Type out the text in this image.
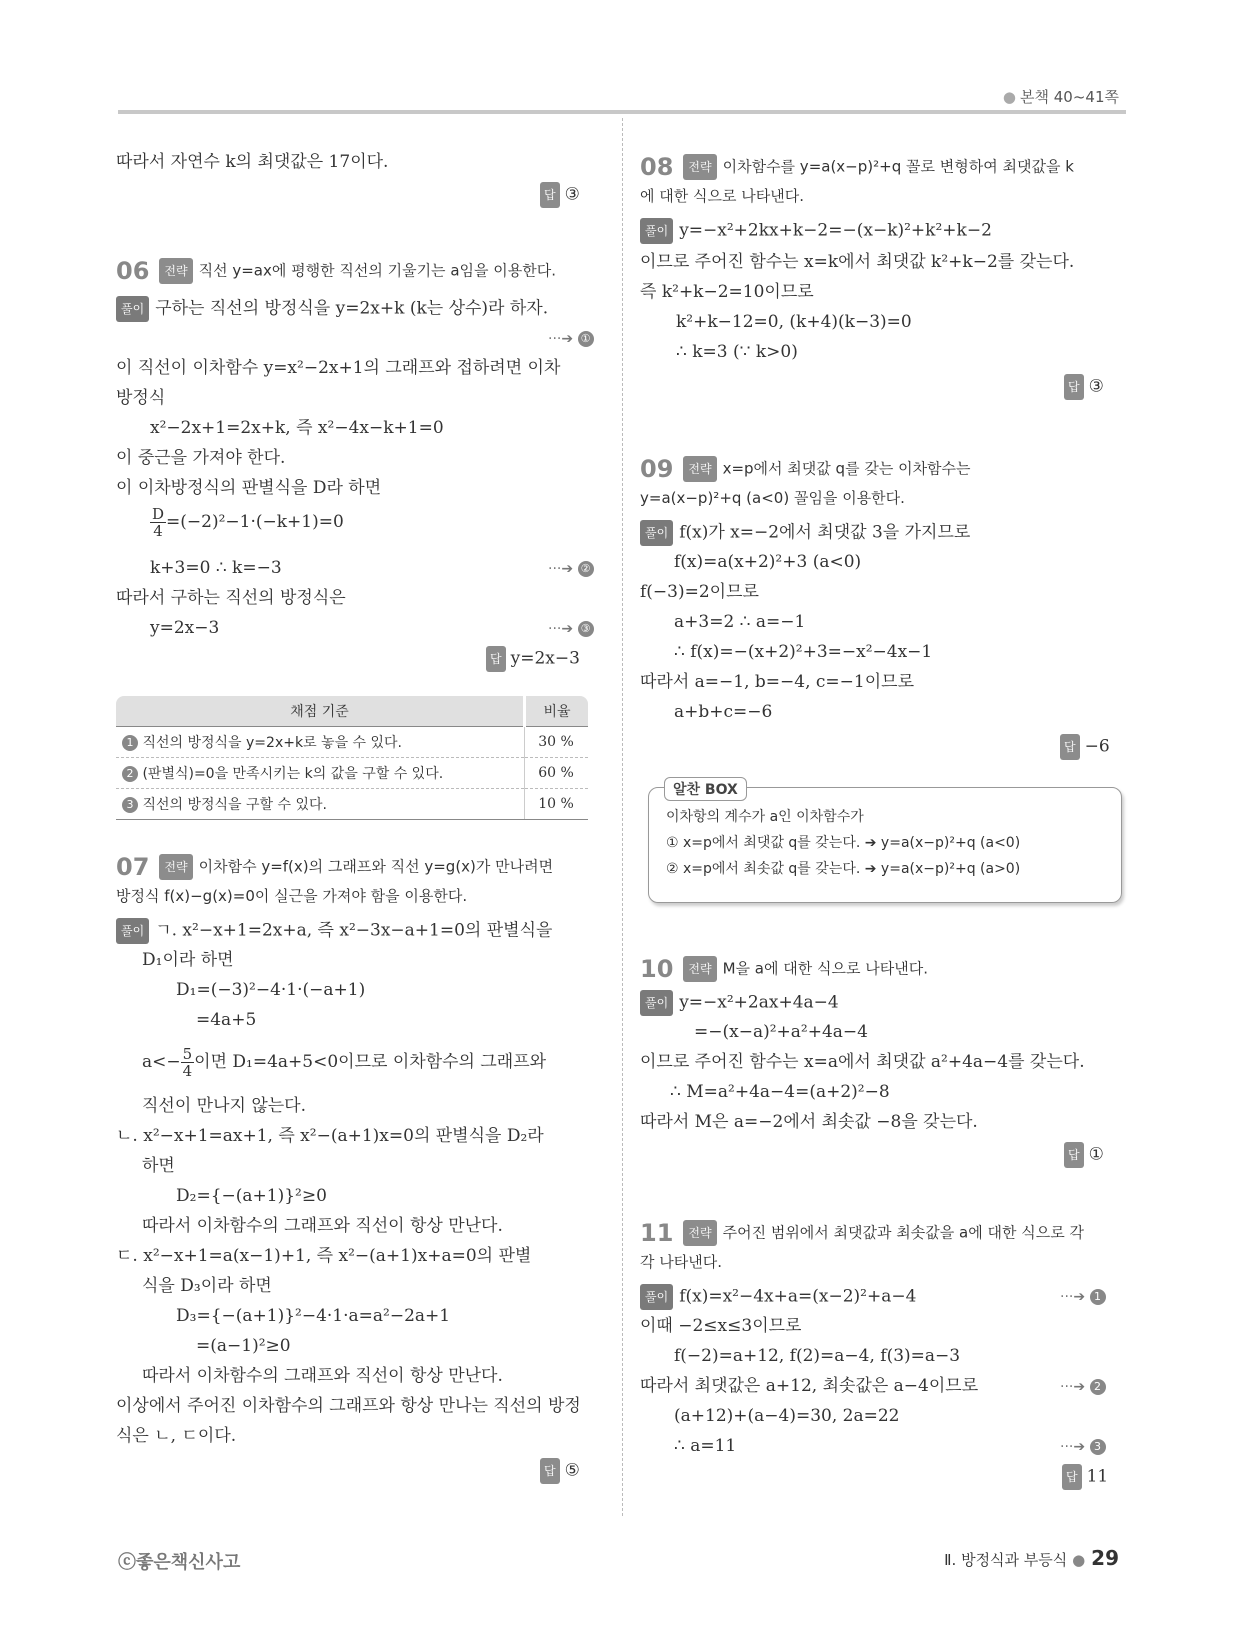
● 본책 40~41쪽
따라서 자연수 k의 최댓값은 17이다.
답 ③
06 전략 직선 y=ax에 평행한 직선의 기울기는 a임을 이용한다.
풀이 구하는 직선의 방정식을 y=2x+k (k는 상수)라 하자.
···➔ ①
이 직선이 이차함수 y=x²−2x+1의 그래프와 접하려면 이차
방정식
x²−2x+1=2x+k, 즉 x²−4x−k+1=0
이 중근을 가져야 한다.
이 이차방정식의 판별식을 D라 하면
$\frac{D}{4} =(-2)^2-1\cdot(-k+1)=0$
k+3=0 ∴ k=−3	···➔ ②
따라서 구하는 직선의 방정식은
y=2x−3	···➔ ③
답 y=2x−3
채점 기준	비율
1 직선의 방정식을 y=2x+k로 놓을 수 있다.	30 %
2 (판별식)=0을 만족시키는 k의 값을 구할 수 있다.	60 %
3 직선의 방정식을 구할 수 있다.	10 %
07 전략 이차함수 y=f(x)의 그래프와 직선 y=g(x)가 만나려면
방정식 f(x)−g(x)=0이 실근을 가져야 함을 이용한다.
풀이 ㄱ. x²−x+1=2x+a, 즉 x²−3x−a+1=0의 판별식을
D₁이라 하면
D₁=(−3)²−4·1·(−a+1)
=4a+5
$a<- \frac{5}{4}$ 이면 D₁=4a+5<0이므로 이차함수의 그래프와
직선이 만나지 않는다.
ㄴ. x²−x+1=ax+1, 즉 x²−(a+1)x=0의 판별식을 D₂라
하면
D₂={−(a+1)}²≥0
따라서 이차함수의 그래프와 직선이 항상 만난다.
ㄷ. x²−x+1=a(x−1)+1, 즉 x²−(a+1)x+a=0의 판별
식을 D₃이라 하면
D₃={−(a+1)}²−4·1·a=a²−2a+1
=(a−1)²≥0
따라서 이차함수의 그래프와 직선이 항상 만난다.
이상에서 주어진 이차함수의 그래프와 항상 만나는 직선의 방정
식은 ㄴ, ㄷ이다.
답 ⑤
08 전략 이차함수를 y=a(x−p)²+q 꼴로 변형하여 최댓값을 k
에 대한 식으로 나타낸다.
풀이 y=−x²+2kx+k−2=−(x−k)²+k²+k−2
이므로 주어진 함수는 x=k에서 최댓값 k²+k−2를 갖는다.
즉 k²+k−2=10이므로
k²+k−12=0, (k+4)(k−3)=0
∴ k=3 (∵ k>0)
답 ③
09 전략 x=p에서 최댓값 q를 갖는 이차함수는
y=a(x−p)²+q (a<0) 꼴임을 이용한다.
풀이 f(x)가 x=−2에서 최댓값 3을 가지므로
f(x)=a(x+2)²+3 (a<0)
f(−3)=2이므로
a+3=2 ∴ a=−1
∴ f(x)=−(x+2)²+3=−x²−4x−1
따라서 a=−1, b=−4, c=−1이므로
a+b+c=−6
답 −6
알찬 BOX
이차항의 계수가 a인 이차함수가
① x=p에서 최댓값 q를 갖는다. ➔ y=a(x−p)²+q (a<0)
② x=p에서 최솟값 q를 갖는다. ➔ y=a(x−p)²+q (a>0)
10 전략 M을 a에 대한 식으로 나타낸다.
풀이 y=−x²+2ax+4a−4
=−(x−a)²+a²+4a−4
이므로 주어진 함수는 x=a에서 최댓값 a²+4a−4를 갖는다.
∴ M=a²+4a−4=(a+2)²−8
따라서 M은 a=−2에서 최솟값 −8을 갖는다.
답 ①
11 전략 주어진 범위에서 최댓값과 최솟값을 a에 대한 식으로 각
각 나타낸다.
풀이 f(x)=x²−4x+a=(x−2)²+a−4	···➔ 1
이때 −2≤x≤3이므로
f(−2)=a+12, f(2)=a−4, f(3)=a−3
따라서 최댓값은 a+12, 최솟값은 a−4이므로	···➔ 2
(a+12)+(a−4)=30, 2a=22
∴ a=11	···➔ 3
답 11
ⓒ좋은책신사고	Ⅱ. 방정식과 부등식 ● 29
